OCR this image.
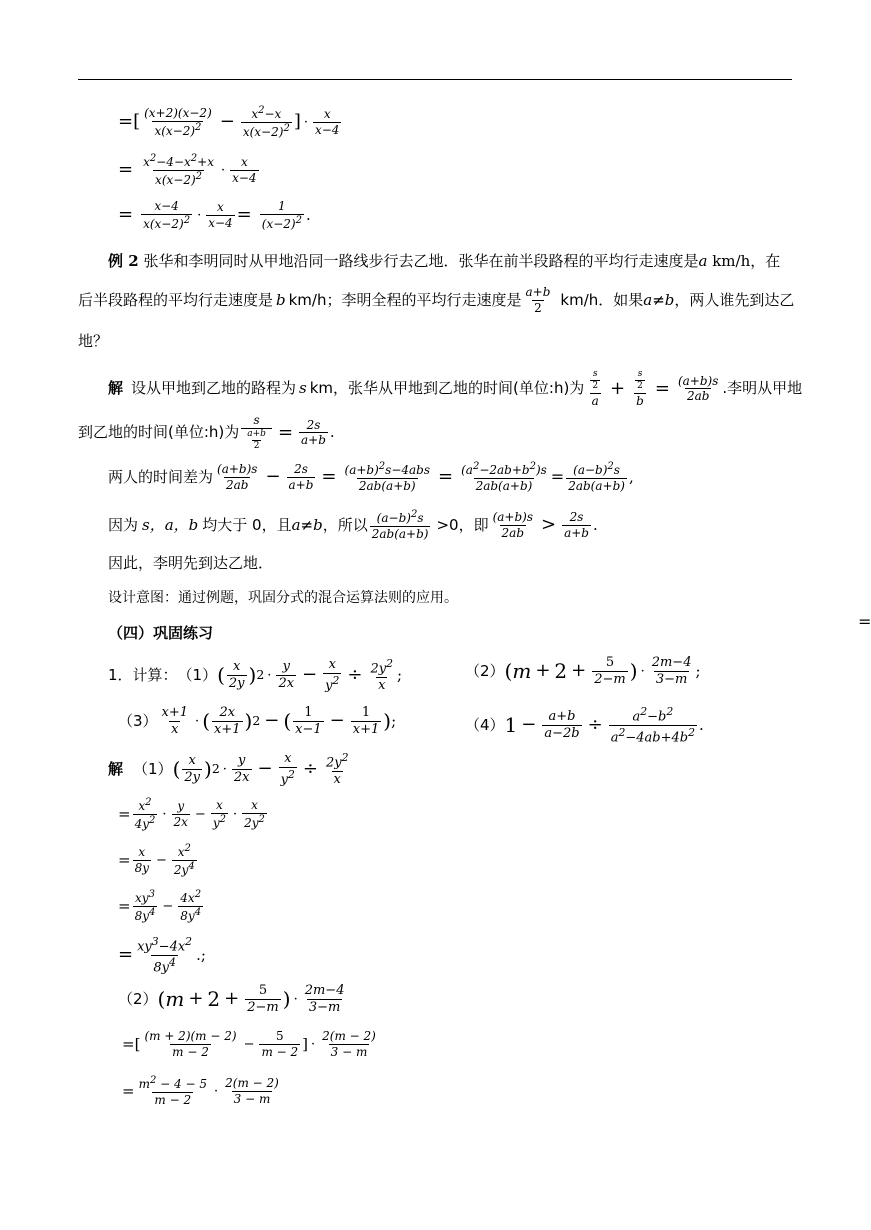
=[ $\frac{(x+2)(x-2)}{x(x-2)^2} - \frac{x^2-x}{x(x-2)^2}$ ] · $\frac{x}{x-4}$
= $\frac{x^2-4-x^2+x}{x(x-2)^2} \cdot \frac{x}{x-4}$
= $\frac{x-4}{x(x-2)^2} \cdot \frac{x}{x-4} = \frac{1}{(x-2)^2}$ .
例 2 张华和李明同时从甲地沿同一路线步行去乙地．张华在前半段路程的平均行走速度是a km/h，在
后半段路程的平均行走速度是 b km/h；李明全程的平均行走速度是 $\frac{a+b}{2} km/h$．如果 a≠b ，两人谁先到达乙
地？
解 设从甲地到乙地的路程为 s km，张华从甲地到乙地的时间(单位:h)为 $\frac{\frac{s}{2}}{a} + \frac{\frac{s}{2}}{b} = \frac{(a+b)s}{2ab}$ . 李明从甲地
到乙地的时间(单位:h)为 $\frac{s}{\frac{a+b}{2}} = \frac{2s}{a+b}$ .
两人的时间差为 $\frac{(a+b)s}{2ab} - \frac{2s}{a+b} = \frac{(a+b)^2s-4abs}{2ab(a+b)} = \frac{(a^2-2ab+b^2)s}{2ab(a+b)} = \frac{(a-b)^2s}{2ab(a+b)}$ ,
因为 s，a，b 均大于 0，且 a≠b ，所以 $\frac{(a-b)^2s}{2ab(a+b)} >0$，即 $\frac{(a+b)s}{2ab} > \frac{2s}{a+b}$ .
因此，李明先到达乙地．
设计意图：通过例题，巩固分式的混合运算法则的应用。
=
（四）巩固练习
1．计算： （1） ( $\frac{x}{2y}$ ) $2 \cdot \frac{y}{2x} - \frac{x}{y^2} \div \frac{2y^2}{x}$ ;	（2） ( $m + 2 + \frac{5}{2-m}$ ) · $\frac{2m-4}{3-m}$ ;
$(3) \frac{x+1}{x}$ · ( $\frac{2x}{x+1}$ ) 2 − ( $\frac{1}{x-1} - \frac{1}{x+1}$ ) ;	（4） $1 - \frac{a+b}{a-2b} \div \frac{a^2-b^2}{a^2-4ab+4b^2}$ .
解 （1） ( $\frac{x}{2y}$ ) $2 \cdot \frac{y}{2x} - \frac{x}{y^2} \div \frac{2y^2}{x}$
= $\frac{x^2}{4y^2} \cdot \frac{y}{2x} - \frac{x}{y^2} \cdot \frac{x}{2y^2}$
= $\frac{x}{8y} - \frac{x^2}{2y^4}$
= $\frac{xy^3}{8y^4} - \frac{4x^2}{8y^4}$
= $\frac{xy^3-4x^2}{8y^4}$ .;
（2） ( $m + 2 + \frac{5}{2-m}$ ) · $\frac{2m-4}{3-m}$
= [ $\frac{(m + 2)(m - 2)}{m - 2} - \frac{5}{m - 2}$ ] · $\frac{2(m - 2)}{3 - m}$
= $\frac{m^2 - 4 - 5}{m - 2} \cdot \frac{2(m - 2)}{3 - m}$
